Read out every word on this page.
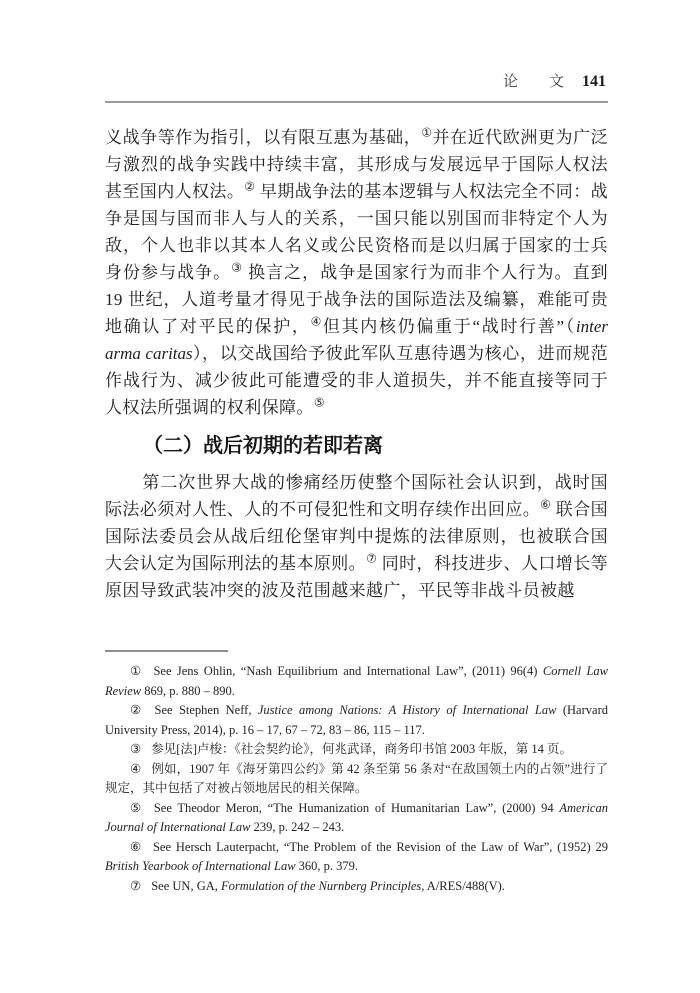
论　文 141

义战争等作为指引，以有限互惠为基础，①并在近代欧洲更为广泛与激烈的战争实践中持续丰富，其形成与发展远早于国际人权法甚至国内人权法。② 早期战争法的基本逻辑与人权法完全不同：战争是国与国而非人与人的关系，一国只能以别国而非特定个人为敌，个人也非以其本人名义或公民资格而是以归属于国家的士兵身份参与战争。③ 换言之，战争是国家行为而非个人行为。直到 19 世纪，人道考量才得见于战争法的国际造法及编纂，难能可贵地确认了对平民的保护，④但其内核仍偏重于“战时行善”（inter arma caritas），以交战国给予彼此军队互惠待遇为核心，进而规范作战行为、减少彼此可能遭受的非人道损失，并不能直接等同于人权法所强调的权利保障。⑤

（二）战后初期的若即若离

第二次世界大战的惨痛经历使整个国际社会认识到，战时国际法必须对人性、人的不可侵犯性和文明存续作出回应。⑥ 联合国国际法委员会从战后纽伦堡审判中提炼的法律原则，也被联合国大会认定为国际刑法的基本原则。⑦ 同时，科技进步、人口增长等原因导致武装冲突的波及范围越来越广，平民等非战斗员被越

① See Jens Ohlin, “Nash Equilibrium and International Law”, (2011) 96(4) Cornell Law Review 869, p. 880 – 890.

② See Stephen Neff, Justice among Nations: A History of International Law (Harvard University Press, 2014), p. 16 – 17, 67 – 72, 83 – 86, 115 – 117.

③ 参见[法]卢梭：《社会契约论》，何兆武译，商务印书馆 2003 年版，第 14 页。

④ 例如，1907 年《海牙第四公约》第 42 条至第 56 条对“在敌国领土内的占领”进行了规定，其中包括了对被占领地居民的相关保障。

⑤ See Theodor Meron, “The Humanization of Humanitarian Law”, (2000) 94 American Journal of International Law 239, p. 242 – 243.

⑥ See Hersch Lauterpacht, “The Problem of the Revision of the Law of War”, (1952) 29 British Yearbook of International Law 360, p. 379.

⑦ See UN, GA, Formulation of the Nurnberg Principles, A/RES/488(V).
